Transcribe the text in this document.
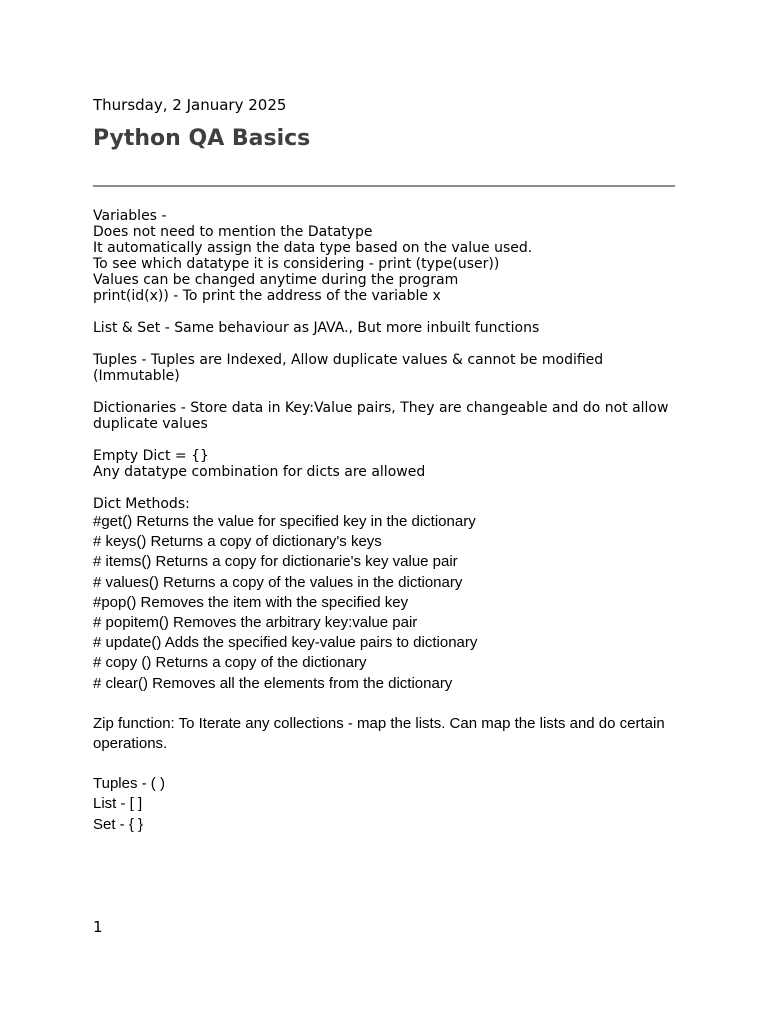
Thursday, 2 January 2025
Python QA Basics
Variables -
Does not need to mention the Datatype
It automatically assign the data type based on the value used.
To see which datatype it is considering - print (type(user))
Values can be changed anytime during the program
print(id(x)) - To print the address of the variable x
List & Set - Same behaviour as JAVA., But more inbuilt functions
Tuples - Tuples are Indexed, Allow duplicate values & cannot be modified (Immutable)
Dictionaries - Store data in Key:Value pairs, They are changeable and do not allow duplicate values
Empty Dict = {}
Any datatype combination for dicts are allowed
Dict Methods:
#get() Returns the value for specified key in the dictionary
# keys() Returns a copy of dictionary's keys
# items() Returns a copy for dictionarie's key value pair
# values() Returns a copy of the values in the dictionary
#pop() Removes the item with the specified key
# popitem() Removes the arbitrary key:value pair
# update() Adds the specified key-value pairs to dictionary
# copy () Returns a copy of the dictionary
# clear() Removes all the elements from the dictionary
Zip function: To Iterate any collections - map the lists. Can map the lists and do certain operations.
Tuples - ( )
List - [ ]
Set - { }
1
